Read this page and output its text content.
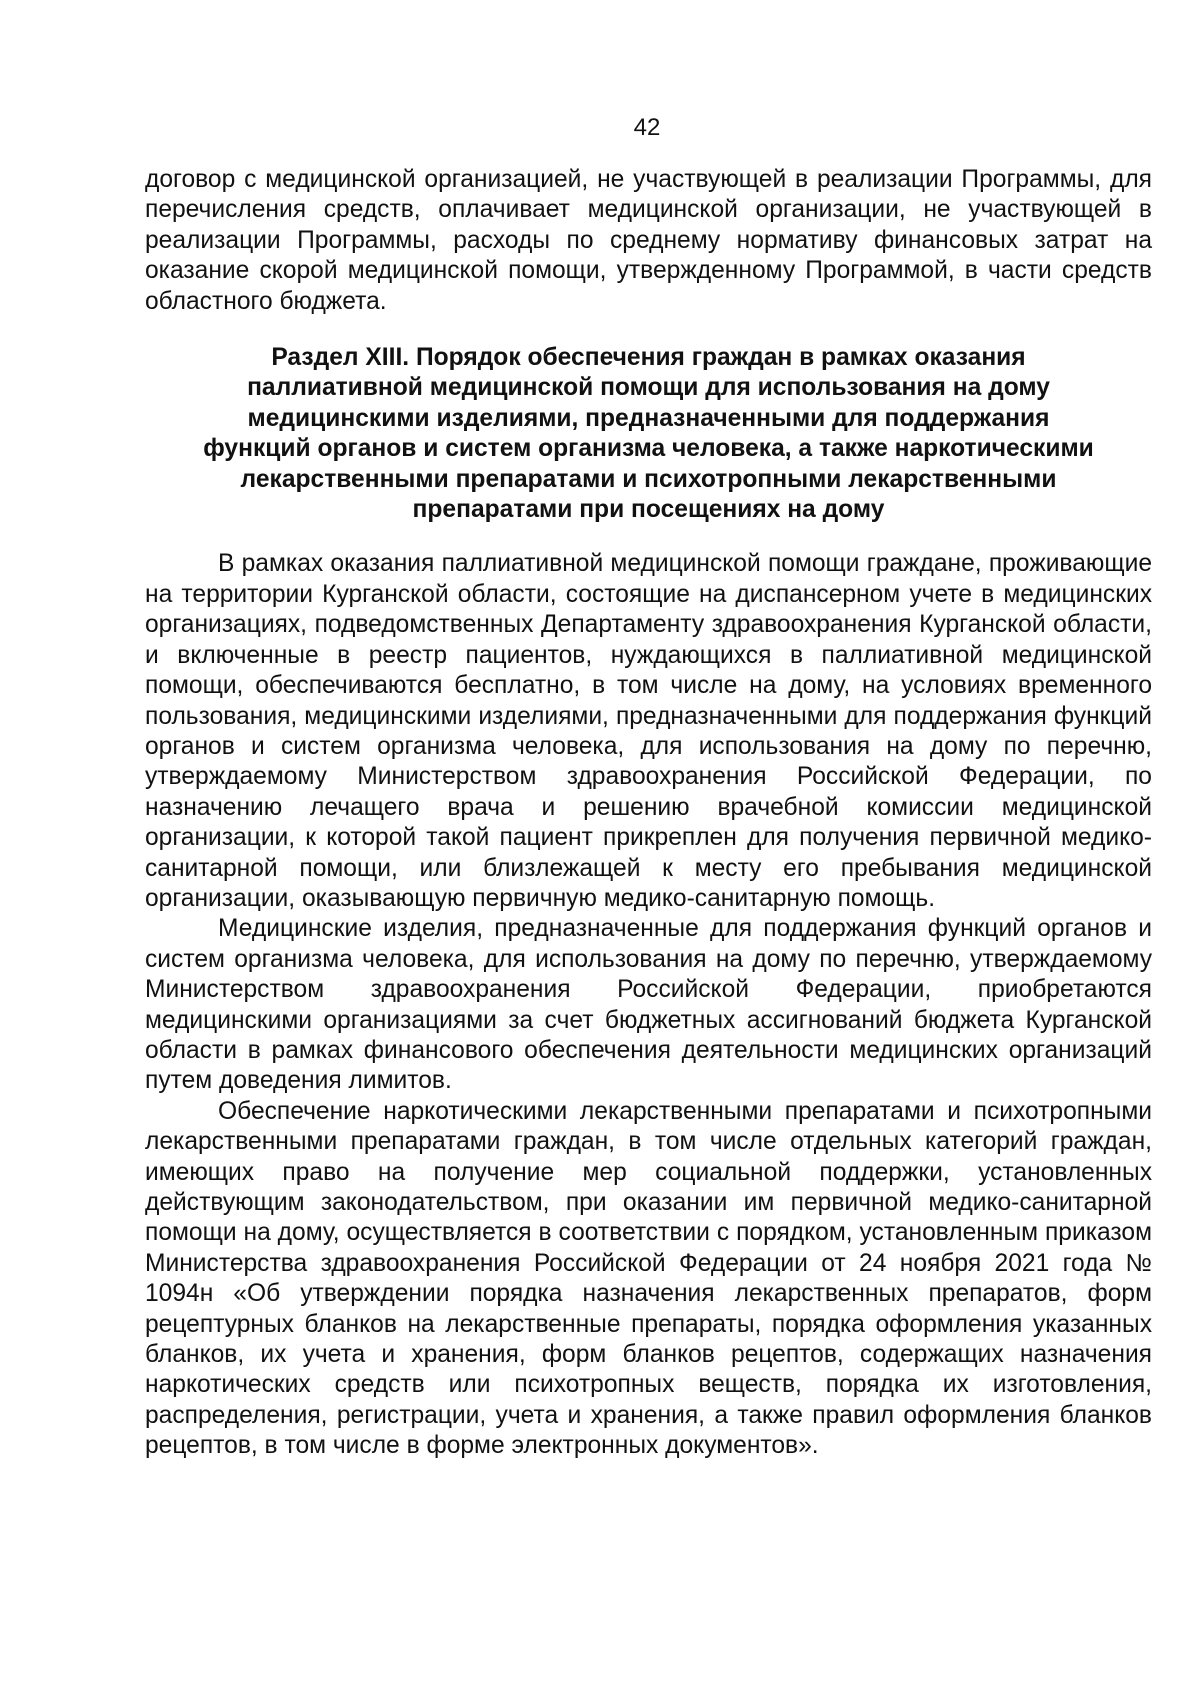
42

договор с медицинской организацией, не участвующей в реализации Программы, для перечисления средств, оплачивает медицинской организации, не участвующей в реализации Программы, расходы по среднему нормативу финансовых затрат на оказание скорой медицинской помощи, утвержденному Программой, в части средств областного бюджета.

Раздел XIII. Порядок обеспечения граждан в рамках оказания
паллиативной медицинской помощи для использования на дому
медицинскими изделиями, предназначенными для поддержания
функций органов и систем организма человека, а также наркотическими
лекарственными препаратами и психотропными лекарственными
препаратами при посещениях на дому

В рамках оказания паллиативной медицинской помощи граждане, проживающие на территории Курганской области, состоящие на диспансерном учете в медицинских организациях, подведомственных Департаменту здравоохранения Курганской области, и включенные в реестр пациентов, нуждающихся в паллиативной медицинской помощи, обеспечиваются бесплатно, в том числе на дому, на условиях временного пользования, медицинскими изделиями, предназначенными для поддержания функций органов и систем организма человека, для использования на дому по перечню, утверждаемому Министерством здравоохранения Российской Федерации, по назначению лечащего врача и решению врачебной комиссии медицинской организации, к которой такой пациент прикреплен для получения первичной медико-санитарной помощи, или близлежащей к месту его пребывания медицинской организации, оказывающую первичную медико-санитарную помощь.

Медицинские изделия, предназначенные для поддержания функций органов и систем организма человека, для использования на дому по перечню, утверждаемому Министерством здравоохранения Российской Федерации, приобретаются медицинскими организациями за счет бюджетных ассигнований бюджета Курганской области в рамках финансового обеспечения деятельности медицинских организаций путем доведения лимитов.

Обеспечение наркотическими лекарственными препаратами и психотропными лекарственными препаратами граждан, в том числе отдельных категорий граждан, имеющих право на получение мер социальной поддержки, установленных действующим законодательством, при оказании им первичной медико-санитарной помощи на дому, осуществляется в соответствии с порядком, установленным приказом Министерства здравоохранения Российской Федерации от 24 ноября 2021 года № 1094н «Об утверждении порядка назначения лекарственных препаратов, форм рецептурных бланков на лекарственные препараты, порядка оформления указанных бланков, их учета и хранения, форм бланков рецептов, содержащих назначения наркотических средств или психотропных веществ, порядка их изготовления, распределения, регистрации, учета и хранения, а также правил оформления бланков рецептов, в том числе в форме электронных документов».
